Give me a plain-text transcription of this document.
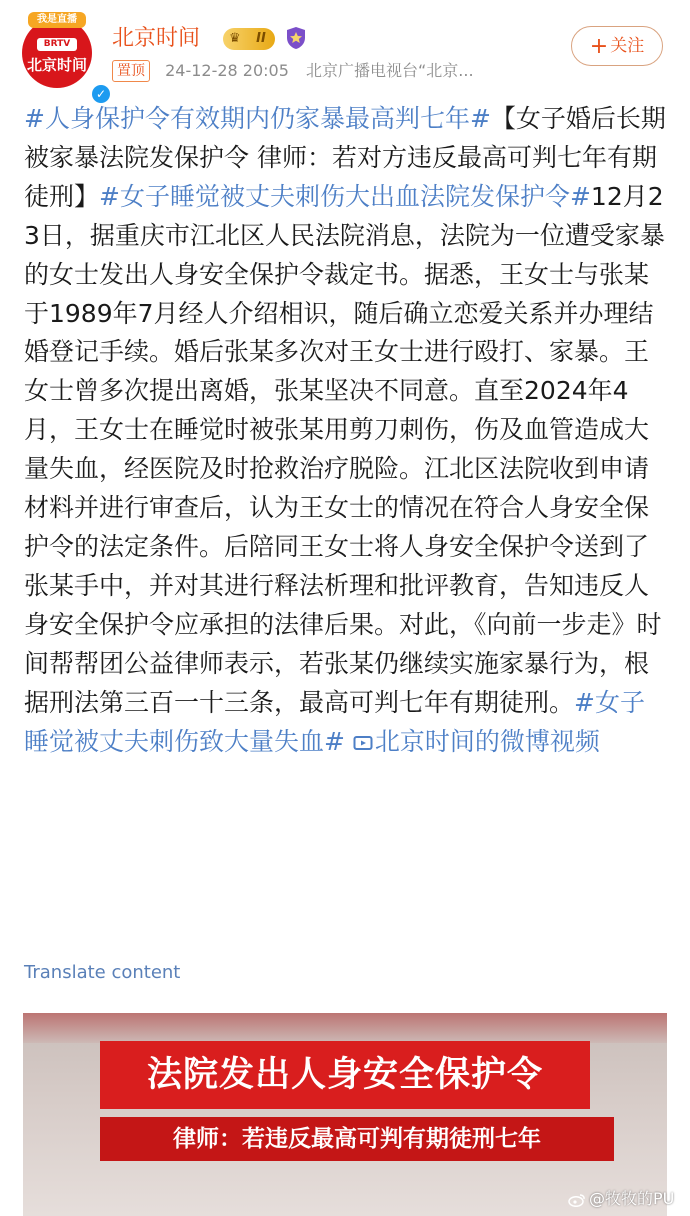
我是直播
BRTV
北京时间
✓
北京时间 ♛	II
置顶 24-12-28 20:05 北京广播电视台“北京...
+ 关注
#人身保护令有效期内仍家暴最高判七年#【女子婚后长期被家暴法院发保护令 律师：若对方违反最高可判七年有期徒刑】#女子睡觉被丈夫刺伤大出血法院发保护令#12月23日，据重庆市江北区人民法院消息，法院为一位遭受家暴的女士发出人身安全保护令裁定书。据悉，王女士与张某于1989年7月经人介绍相识，随后确立恋爱关系并办理结婚登记手续。婚后张某多次对王女士进行殴打、家暴。王女士曾多次提出离婚，张某坚决不同意。直至2024年4月，王女士在睡觉时被张某用剪刀刺伤，伤及血管造成大量失血，经医院及时抢救治疗脱险。江北区法院收到申请材料并进行审查后，认为王女士的情况在符合人身安全保护令的法定条件。后陪同王女士将人身安全保护令送到了张某手中，并对其进行释法析理和批评教育，告知违反人身安全保护令应承担的法律后果。对此，《向前一步走》时间帮帮团公益律师表示，若张某仍继续实施家暴行为，根据刑法第三百一十三条，最高可判七年有期徒刑。#女子睡觉被丈夫刺伤致大量失血# 北京时间的微博视频
Translate content
法院发出人身安全保护令
律师：若违反最高可判有期徒刑七年
@牧牧的PU
